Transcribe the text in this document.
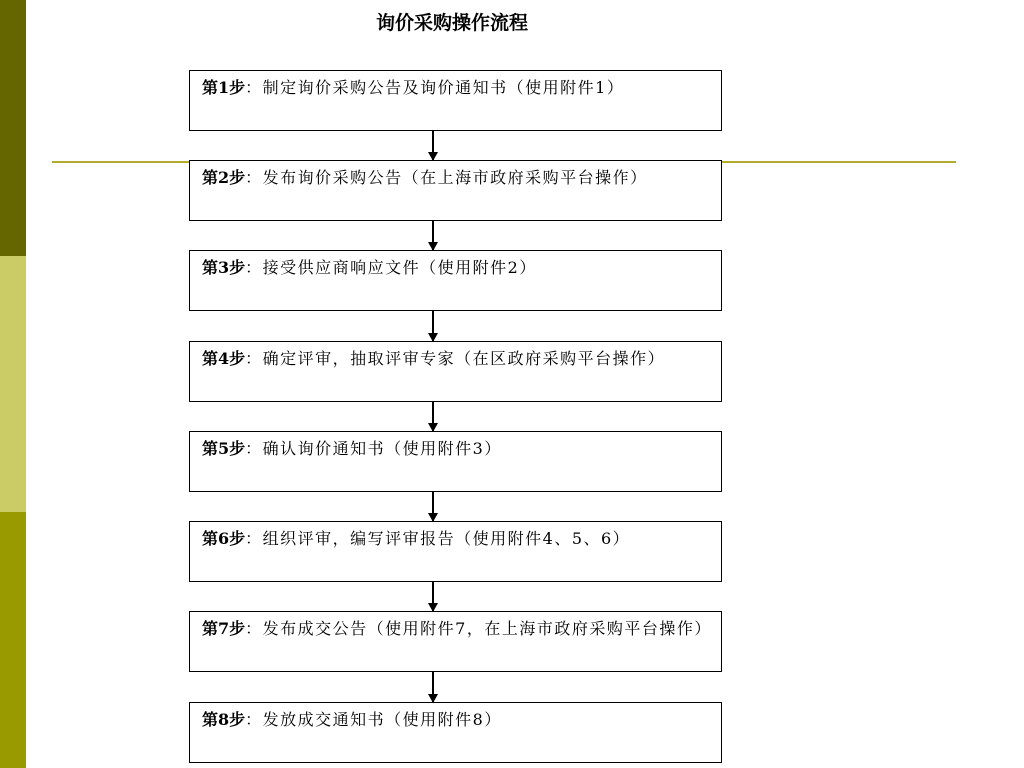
询价采购操作流程
第1步：制定询价采购公告及询价通知书（使用附件1）
第2步：发布询价采购公告（在上海市政府采购平台操作）
第3步：接受供应商响应文件（使用附件2）
第4步：确定评审，抽取评审专家（在区政府采购平台操作）
第5步：确认询价通知书（使用附件3）
第6步：组织评审，编写评审报告（使用附件4、5、6）
第7步：发布成交公告（使用附件7，在上海市政府采购平台操作）
第8步：发放成交通知书（使用附件8）
